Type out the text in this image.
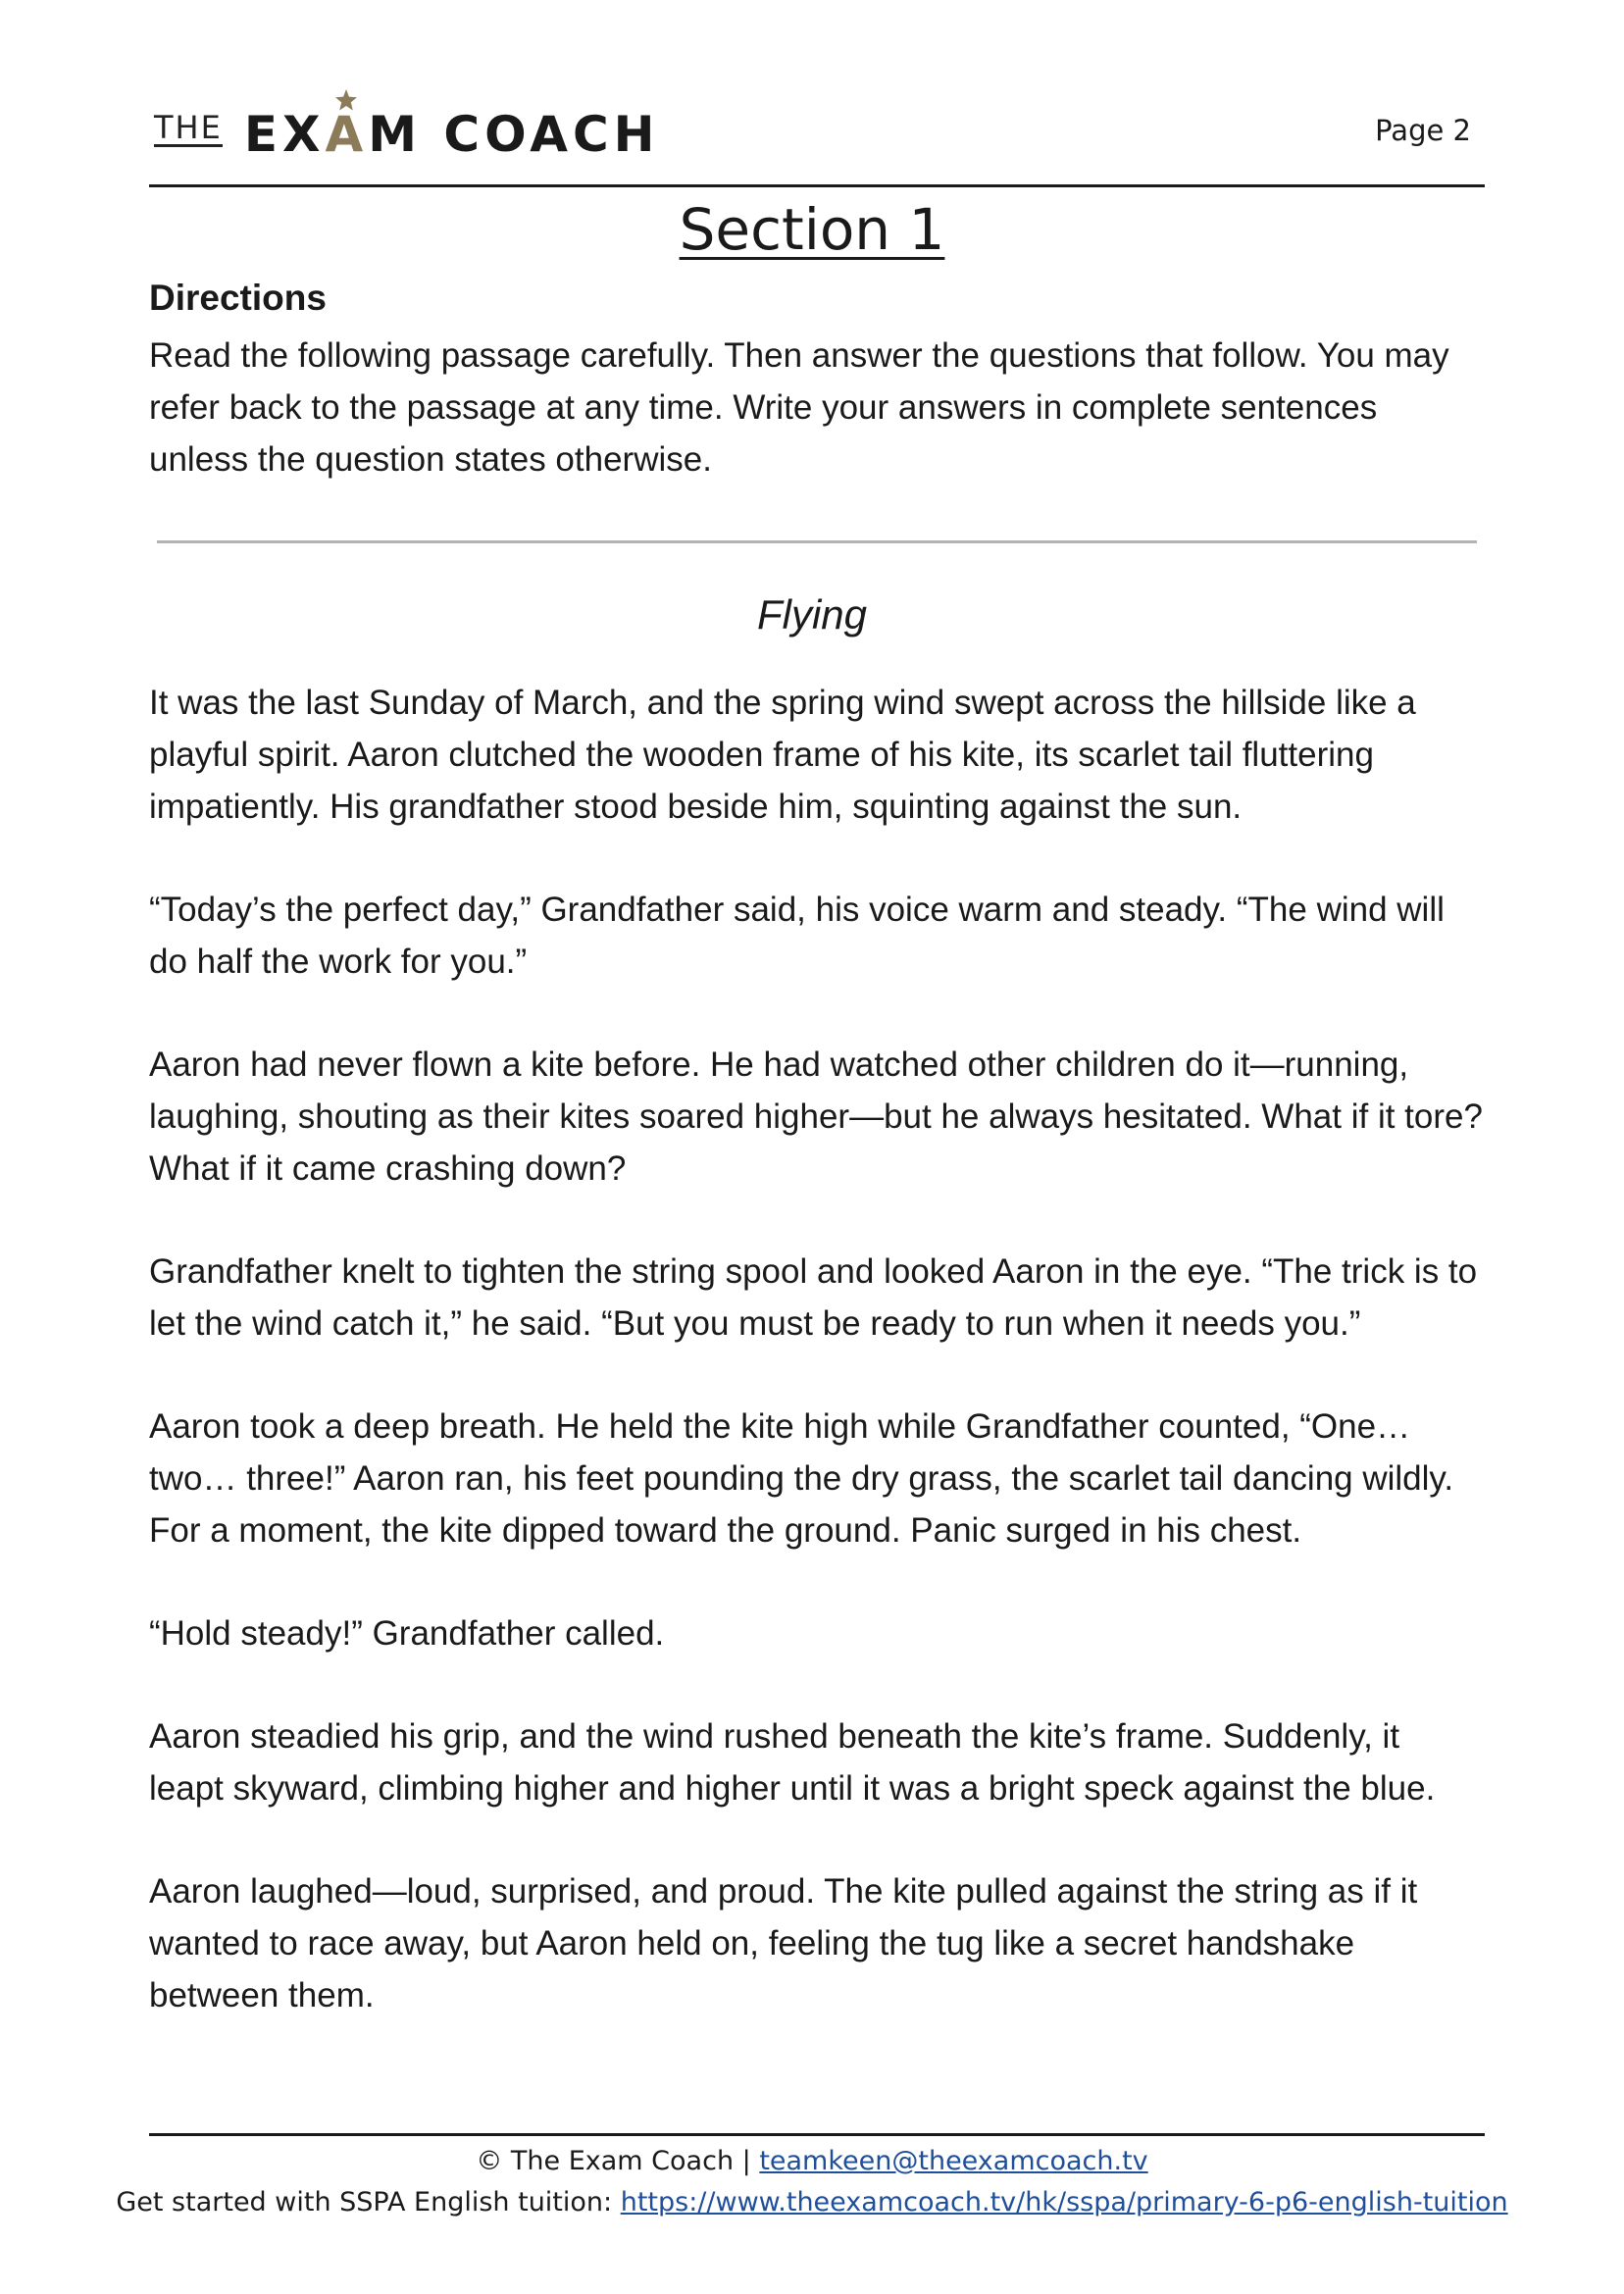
THE EX A M COACH	Page 2
Section 1

Directions

Read the following passage carefully. Then answer the questions that follow. You may refer back to the passage at any time. Write your answers in complete sentences unless the question states otherwise.

Flying

It was the last Sunday of March, and the spring wind swept across the hillside like a playful spirit. Aaron clutched the wooden frame of his kite, its scarlet tail fluttering impatiently. His grandfather stood beside him, squinting against the sun.

“Today’s the perfect day,” Grandfather said, his voice warm and steady. “The wind will do half the work for you.”

Aaron had never flown a kite before. He had watched other children do it—running, laughing, shouting as their kites soared higher—but he always hesitated. What if it tore? What if it came crashing down?

Grandfather knelt to tighten the string spool and looked Aaron in the eye. “The trick is to let the wind catch it,” he said. “But you must be ready to run when it needs you.”

Aaron took a deep breath. He held the kite high while Grandfather counted, “One… two… three!” Aaron ran, his feet pounding the dry grass, the scarlet tail dancing wildly. For a moment, the kite dipped toward the ground. Panic surged in his chest.

“Hold steady!” Grandfather called.

Aaron steadied his grip, and the wind rushed beneath the kite’s frame. Suddenly, it leapt skyward, climbing higher and higher until it was a bright speck against the blue.

Aaron laughed—loud, surprised, and proud. The kite pulled against the string as if it wanted to race away, but Aaron held on, feeling the tug like a secret handshake between them.

© The Exam Coach | teamkeen@theexamcoach.tv
Get started with SSPA English tuition: https://www.theexamcoach.tv/hk/sspa/primary-6-p6-english-tuition
